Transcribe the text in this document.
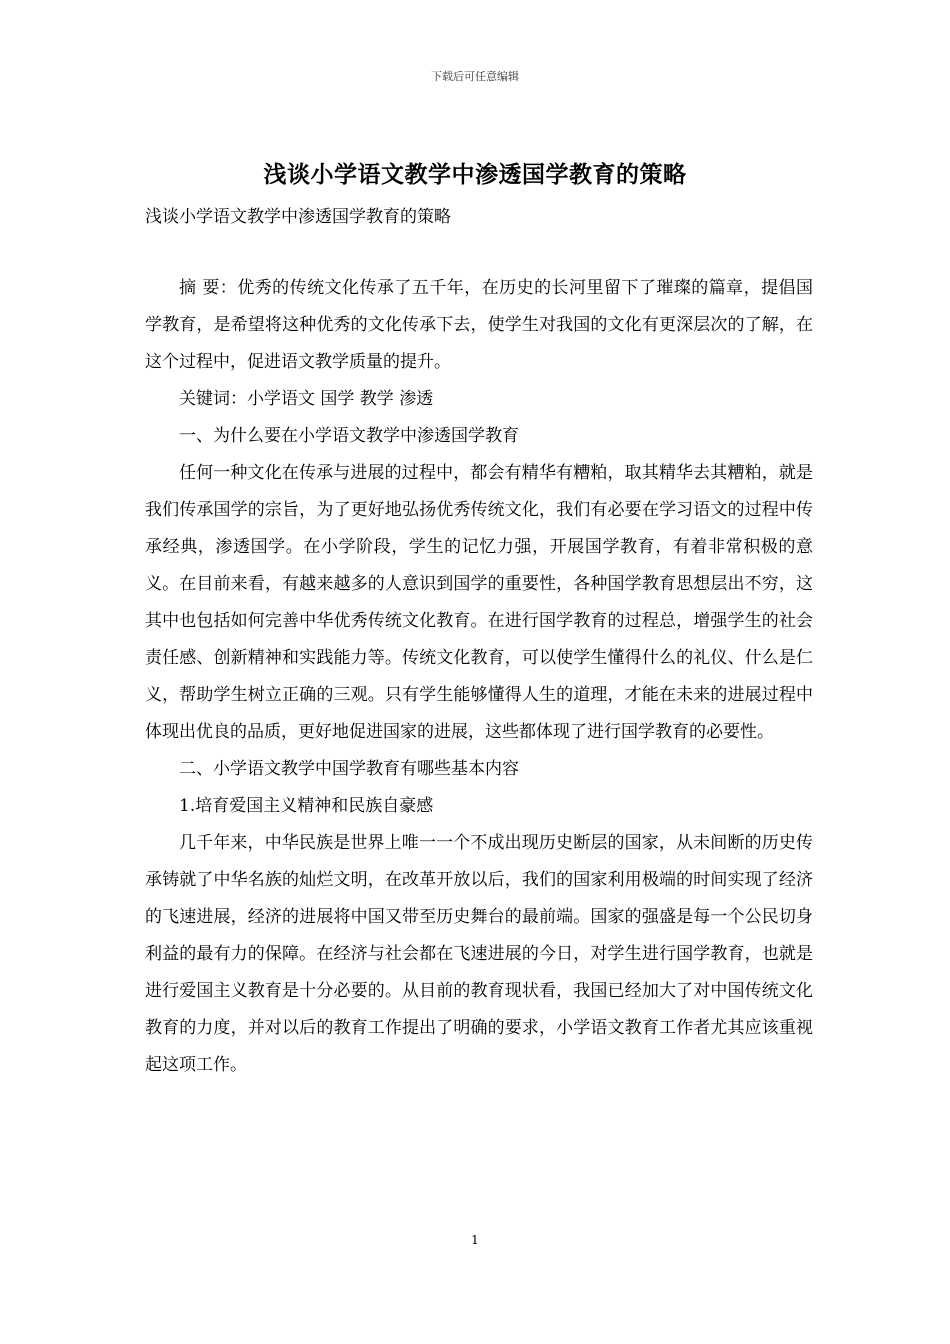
下载后可任意编辑
浅谈小学语文教学中渗透国学教育的策略
浅谈小学语文教学中渗透国学教育的策略

摘 要：优秀的传统文化传承了五千年，在历史的长河里留下了璀璨的篇章，提倡国学教育，是希望将这种优秀的文化传承下去，使学生对我国的文化有更深层次的了解，在这个过程中，促进语文教学质量的提升。

关键词：小学语文 国学 教学 渗透

一、为什么要在小学语文教学中渗透国学教育

任何一种文化在传承与进展的过程中，都会有精华有糟粕，取其精华去其糟粕，就是我们传承国学的宗旨，为了更好地弘扬优秀传统文化，我们有必要在学习语文的过程中传承经典，渗透国学。在小学阶段，学生的记忆力强，开展国学教育，有着非常积极的意义。在目前来看，有越来越多的人意识到国学的重要性，各种国学教育思想层出不穷，这其中也包括如何完善中华优秀传统文化教育。在进行国学教育的过程总，增强学生的社会责任感、创新精神和实践能力等。传统文化教育，可以使学生懂得什么的礼仪、什么是仁义，帮助学生树立正确的三观。只有学生能够懂得人生的道理，才能在未来的进展过程中体现出优良的品质，更好地促进国家的进展，这些都体现了进行国学教育的必要性。

二、小学语文教学中国学教育有哪些基本内容

1.培育爱国主义精神和民族自豪感

几千年来，中华民族是世界上唯一一个不成出现历史断层的国家，从未间断的历史传承铸就了中华名族的灿烂文明，在改革开放以后，我们的国家利用极端的时间实现了经济的飞速进展，经济的进展将中国又带至历史舞台的最前端。国家的强盛是每一个公民切身利益的最有力的保障。在经济与社会都在飞速进展的今日，对学生进行国学教育，也就是进行爱国主义教育是十分必要的。从目前的教育现状看，我国已经加大了对中国传统文化教育的力度，并对以后的教育工作提出了明确的要求，小学语文教育工作者尤其应该重视起这项工作。

1
